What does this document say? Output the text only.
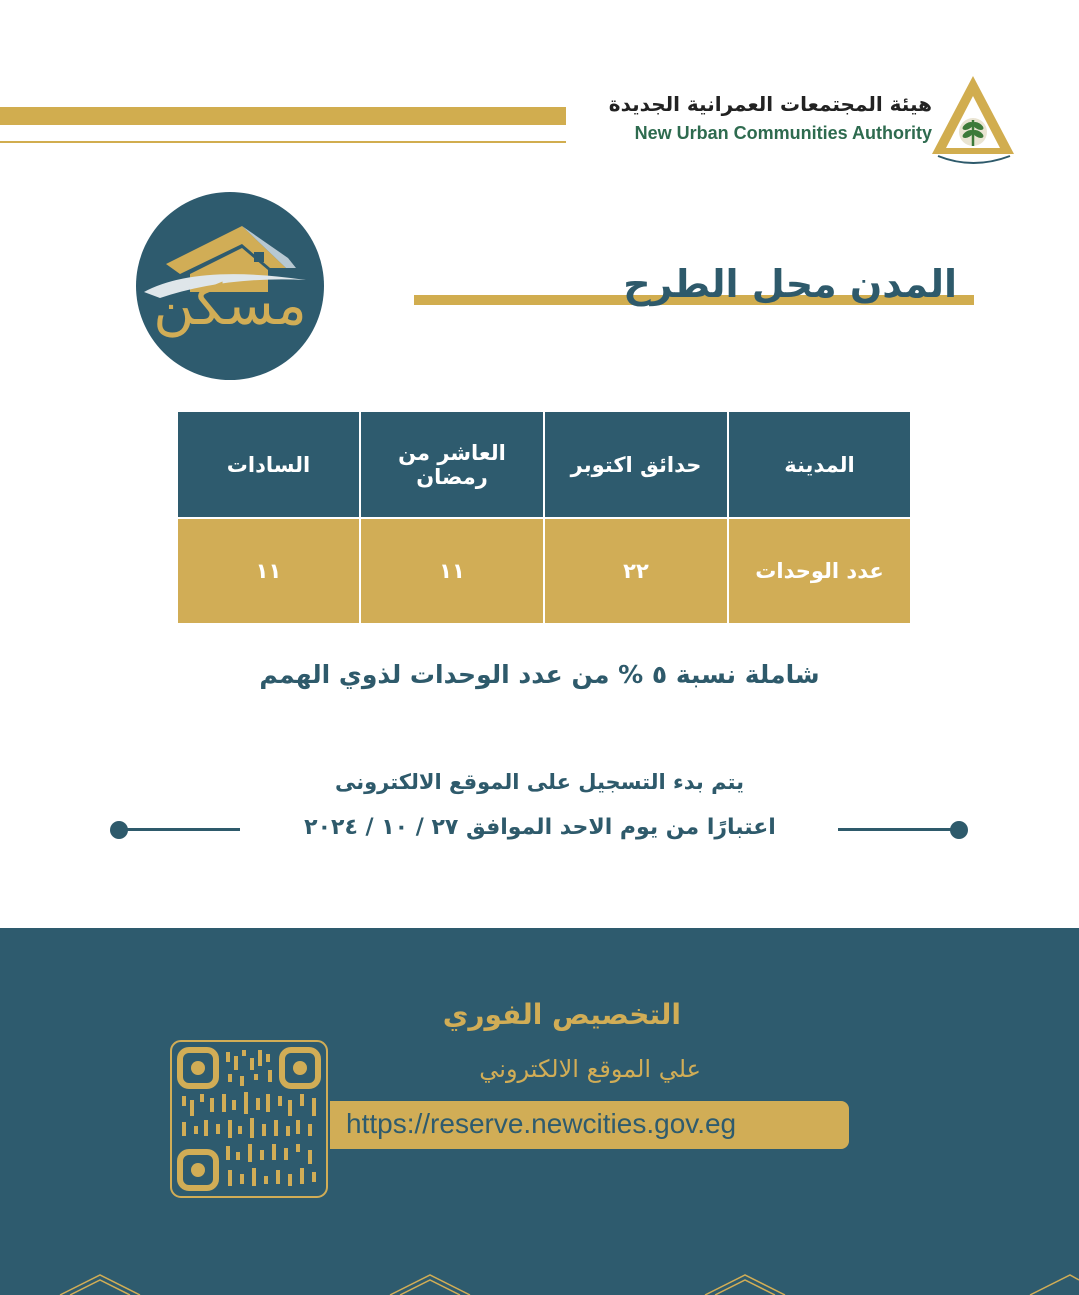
هيئة المجتمعات العمرانية الجديدة
New Urban Communities Authority
مسكن	المدن محل الطرح
المدينة	حدائق اكتوبر	العاشر من رمضان	السادات
عدد الوحدات	٢٢	١١	١١
شاملة نسبة ٥ % من عدد الوحدات لذوي الهمم
يتم بدء التسجيل على الموقع الالكترونى
اعتبارًا من يوم الاحد الموافق ٢٧ / ١٠ / ٢٠٢٤
التخصيص الفوري
علي الموقع الالكتروني
https://reserve.newcities.gov.eg
